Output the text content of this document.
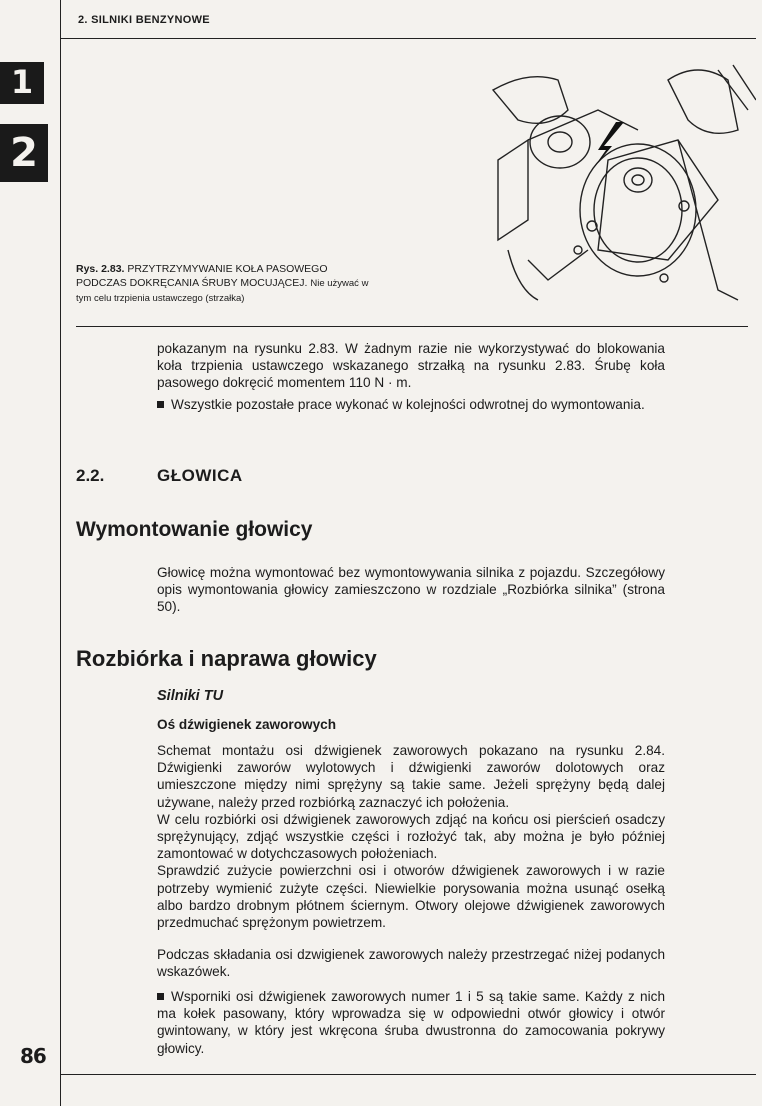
2. SILNIKI BENZYNOWE
1
2
Rys. 2.83. PRZYTRZYMYWANIE KOŁA PASOWEGO PODCZAS DOKRĘCANIA ŚRUBY MOCUJĄCEJ. Nie używać w tym celu trzpienia ustawczego (strzałka)

pokazanym na rysunku 2.83. W żadnym razie nie wykorzystywać do blokowania koła trzpienia ustawczego wskazanego strzałką na rysunku 2.83. Śrubę koła pasowego dokręcić momentem 110 N · m.

Wszystkie pozostałe prace wykonać w kolejności odwrotnej do wymontowania.

2.2.	GŁOWICA
Wymontowanie głowicy

Głowicę można wymontować bez wymontowywania silnika z pojazdu. Szczegółowy opis wymontowania głowicy zamieszczono w rozdziale „Rozbiórka silnika” (strona 50).

Rozbiórka i naprawa głowicy
Silniki TU
Oś dźwigienek zaworowych

Schemat montażu osi dźwigienek zaworowych pokazano na rysunku 2.84. Dźwigienki zaworów wylotowych i dźwigienki zaworów dolotowych oraz umieszczone między nimi sprężyny są takie same. Jeżeli sprężyny będą dalej używane, należy przed rozbiórką zaznaczyć ich położenia.

W celu rozbiórki osi dźwigienek zaworowych zdjąć na końcu osi pierścień osadczy sprężynujący, zdjąć wszystkie części i rozłożyć tak, aby można je było później zamontować w dotychczasowych położeniach.

Sprawdzić zużycie powierzchni osi i otworów dźwigienek zaworowych i w razie potrzeby wymienić zużyte części. Niewielkie porysowania można usunąć osełką albo bardzo drobnym płótnem ściernym. Otwory olejowe dźwigienek zaworowych przedmuchać sprężonym powietrzem.

Podczas składania osi dzwigienek zaworowych należy przestrzegać niżej podanych wskazówek.

Wsporniki osi dźwigienek zaworowych numer 1 i 5 są takie same. Każdy z nich ma kołek pasowany, który wprowadza się w odpowiedni otwór głowicy i otwór gwintowany, w który jest wkręcona śruba dwustronna do zamocowania pokrywy głowicy.

86
